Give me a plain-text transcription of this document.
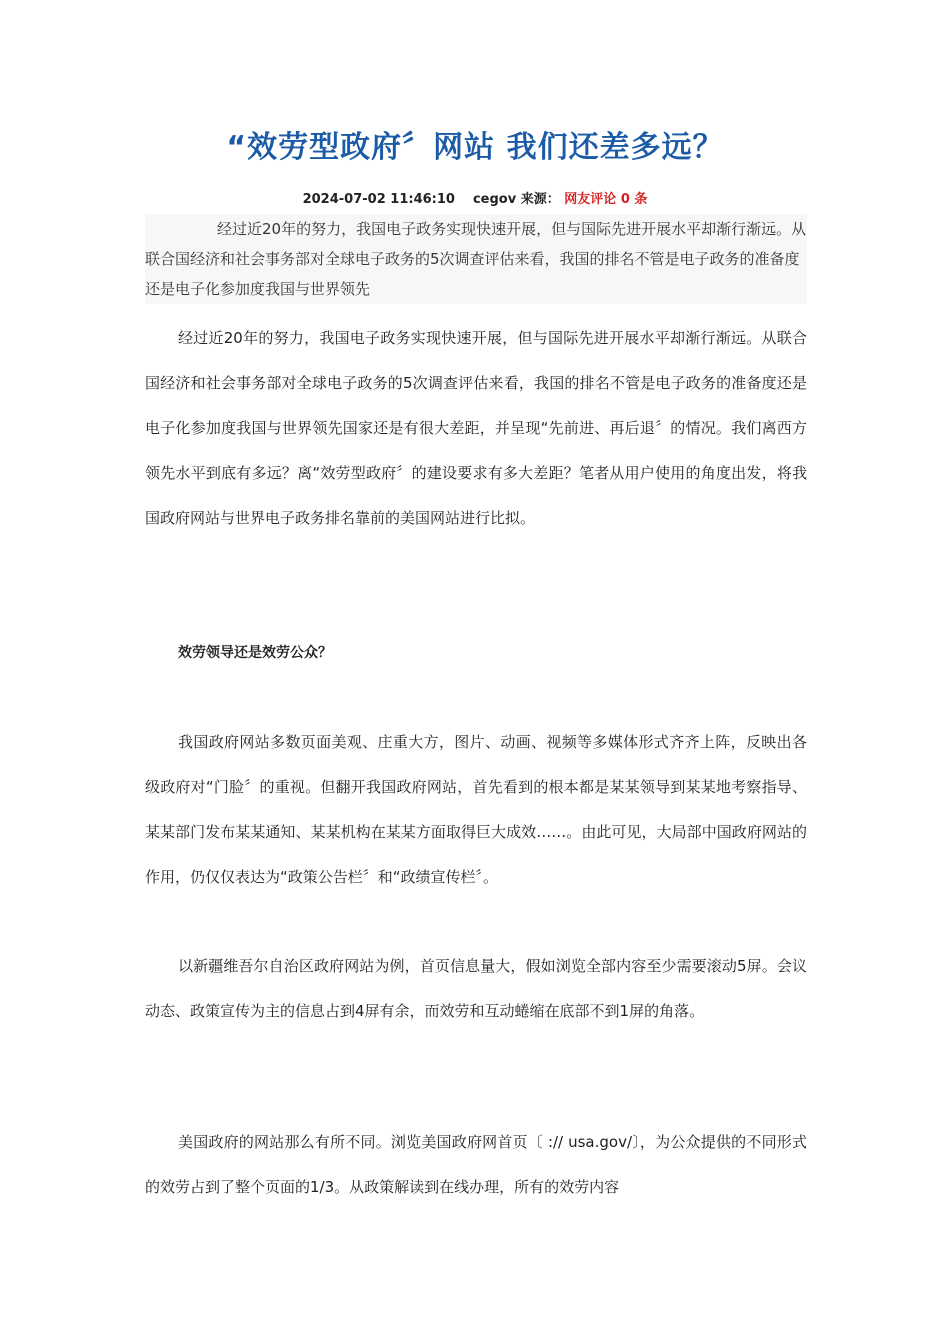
“效劳型政府〞网站 我们还差多远？
2024-07-02 11:46:10 cegov 来源： 网友评论 0 条

经过近20年的努力，我国电子政务实现快速开展，但与国际先进开展水平却渐行渐远。从联合国经济和社会事务部对全球电子政务的5次调查评估来看，我国的排名不管是电子政务的准备度还是电子化参加度我国与世界领先

经过近20年的努力，我国电子政务实现快速开展，但与国际先进开展水平却渐行渐远。从联合国经济和社会事务部对全球电子政务的5次调查评估来看，我国的排名不管是电子政务的准备度还是电子化参加度我国与世界领先国家还是有很大差距，并呈现“先前进、再后退〞的情况。我们离西方领先水平到底有多远？离“效劳型政府〞的建设要求有多大差距？笔者从用户使用的角度出发，将我国政府网站与世界电子政务排名靠前的美国网站进行比拟。

效劳领导还是效劳公众？

我国政府网站多数页面美观、庄重大方，图片、动画、视频等多媒体形式齐齐上阵，反映出各级政府对“门脸〞的重视。但翻开我国政府网站，首先看到的根本都是某某领导到某某地考察指导、某某部门发布某某通知、某某机构在某某方面取得巨大成效……。由此可见，大局部中国政府网站的作用，仍仅仅表达为“政策公告栏〞和“政绩宣传栏〞。

以新疆维吾尔自治区政府网站为例，首页信息量大，假如浏览全部内容至少需要滚动5屏。会议动态、政策宣传为主的信息占到4屏有余，而效劳和互动蜷缩在底部不到1屏的角落。

美国政府的网站那么有所不同。浏览美国政府网首页〔 :// usa.gov/〕，为公众提供的不同形式的效劳占到了整个页面的1/3。从政策解读到在线办理，所有的效劳内容
